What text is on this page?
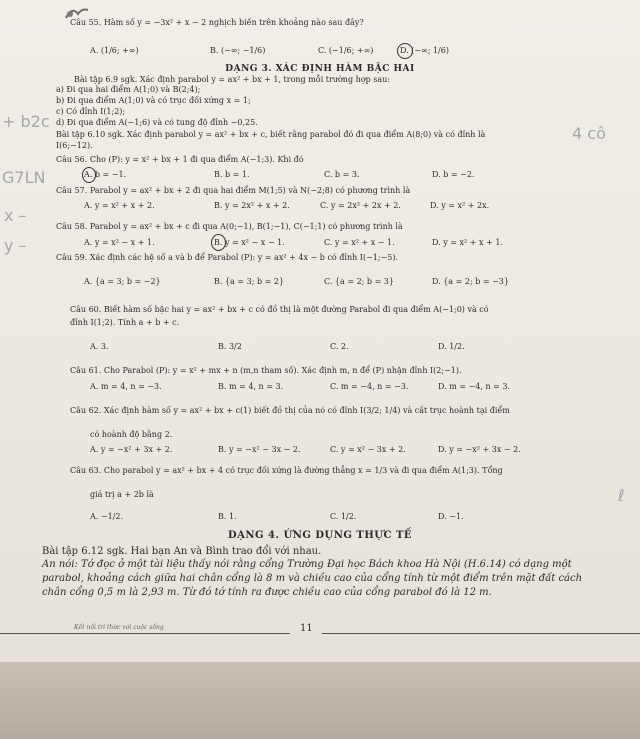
Câu 55. Hàm số y = −3x² + x − 2 nghịch biến trên khoảng nào sau đây?
A. (1/6; +∞)	B. (−∞; −1/6)	C. (−1/6; +∞)	D. (−∞; 1/6)
DẠNG 3. XÁC ĐỊNH HÀM BẬC HAI
Bài tập 6.9 sgk. Xác định parabol y = ax² + bx + 1, trong mỗi trường hợp sau:
a) Đi qua hai điểm A(1;0) và B(2;4);
b) Đi qua điểm A(1;0) và có trục đối xứng x = 1;
c) Có đỉnh I(1;2);
d) Đi qua điểm A(−1;6) và có tung độ đỉnh −0,25.
Bài tập 6.10 sgk. Xác định parabol y = ax² + bx + c, biết rằng parabol đó đi qua điểm A(8;0) và có đỉnh là
I(6;−12).
Câu 56. Cho (P): y = x² + bx + 1 đi qua điểm A(−1;3). Khi đó
A. b = −1.	B. b = 1.	C. b = 3.	D. b = −2.
Câu 57. Parabol y = ax² + bx + 2 đi qua hai điểm M(1;5) và N(−2;8) có phương trình là
A. y = x² + x + 2.	B. y = 2x² + x + 2.	C. y = 2x² + 2x + 2.	D. y = x² + 2x.
Câu 58. Parabol y = ax² + bx + c đi qua A(0;−1), B(1;−1), C(−1;1) có phương trình là
A. y = x² − x + 1.	B. y = x² − x − 1.	C. y = x² + x − 1.	D. y = x² + x + 1.
Câu 59. Xác định các hệ số a và b để Parabol (P): y = ax² + 4x − b có đỉnh I(−1;−5).
A. {a = 3; b = −2}	B. {a = 3; b = 2}	C. {a = 2; b = 3}	D. {a = 2; b = −3}
Câu 60. Biết hàm số bậc hai y = ax² + bx + c có đồ thị là một đường Parabol đi qua điểm A(−1;0) và có
đỉnh I(1;2). Tính a + b + c.
A. 3.	B. 3/2	C. 2.	D. 1/2.
Câu 61. Cho Parabol (P): y = x² + mx + n (m,n tham số). Xác định m, n để (P) nhận đỉnh I(2;−1).
A. m = 4, n = −3.	B. m = 4, n = 3.	C. m = −4, n = −3.	D. m = −4, n = 3.
Câu 62. Xác định hàm số y = ax² + bx + c(1) biết đồ thị của nó có đỉnh I(3/2; 1/4) và cắt trục hoành tại điểm
có hoành độ bằng 2.
A. y = −x² + 3x + 2.	B. y = −x² − 3x − 2.	C. y = x² − 3x + 2.	D. y = −x² + 3x − 2.
Câu 63. Cho parabol y = ax² + bx + 4 có trục đối xứng là đường thẳng x = 1/3 và đi qua điểm A(1;3). Tổng
giá trị a + 2b là
A. −1/2.	B. 1.	C. 1/2.	D. −1.
DẠNG 4. ỨNG DỤNG THỰC TẾ
Bài tập 6.12 sgk. Hai bạn An và Bình trao đổi với nhau.
An nói: Tớ đọc ở một tài liệu thấy nói rằng cổng Trường Đại học Bách khoa Hà Nội (H.6.14) có dạng một
parabol, khoảng cách giữa hai chân cổng là 8 m và chiều cao của cổng tính từ một điểm trên mặt đất cách
chân cổng 0,5 m là 2,93 m. Từ đó tớ tính ra được chiều cao của cổng parabol đó là 12 m.
Kết nối tri thức với cuộc sống	11
+ b2c
G7LN
x –
y –
4 cô
ℓ
